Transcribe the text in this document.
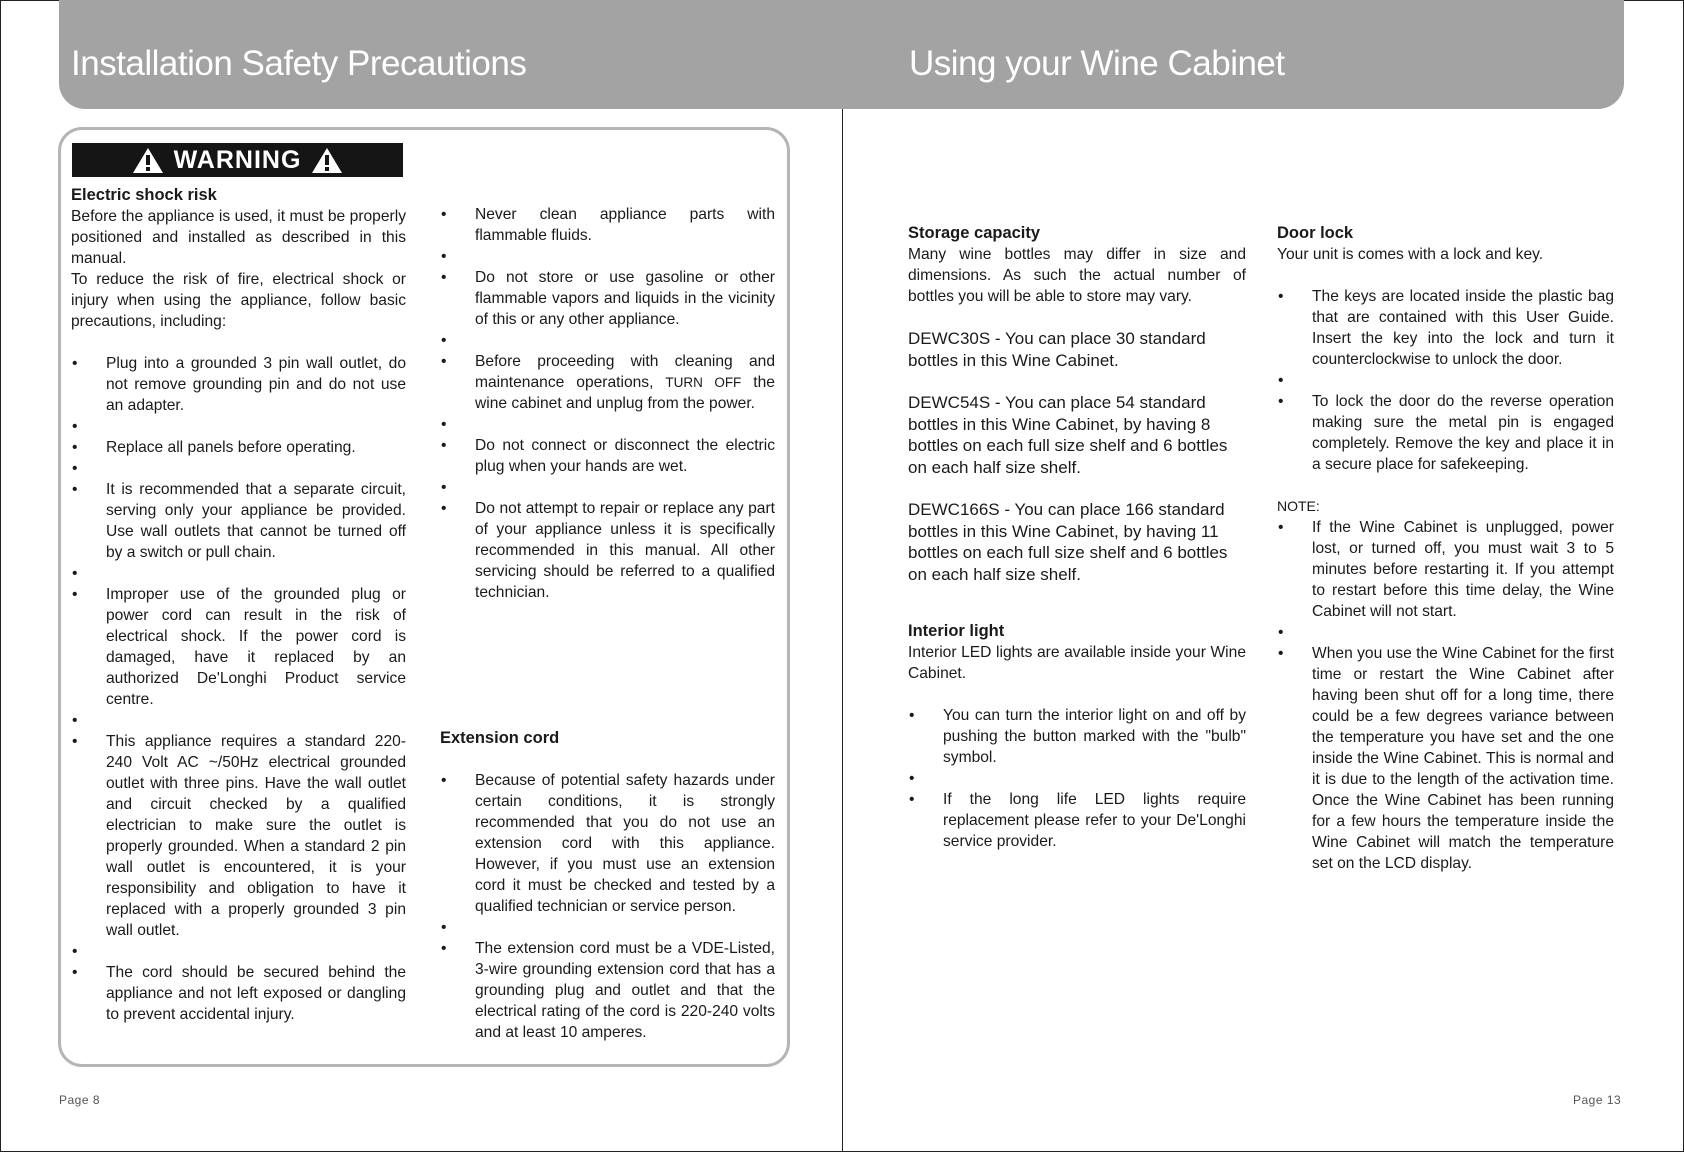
Installation Safety Precautions	Using your Wine Cabinet
WARNING
Electric shock risk

Before the appliance is used, it must be properly positioned and installed as described in this manual.

To reduce the risk of fire, electrical shock or injury when using the appliance, follow basic precautions, including:

• Plug into a grounded 3 pin wall outlet, do not remove grounding pin and do not use an adapter.
•
• Replace all panels before operating.
•
• It is recommended that a separate circuit, serving only your appliance be provided. Use wall outlets that cannot be turned off by a switch or pull chain.
•
• Improper use of the grounded plug or power cord can result in the risk of electrical shock. If the power cord is damaged, have it replaced by an authorized De'Longhi Product service centre.
•
• This appliance requires a standard 220-240 Volt AC ~/50Hz electrical grounded outlet with three pins. Have the wall outlet and circuit checked by a qualified electrician to make sure the outlet is properly grounded. When a standard 2 pin wall outlet is encountered, it is your responsibility and obligation to have it replaced with a properly grounded 3 pin wall outlet.
•
• The cord should be secured behind the appliance and not left exposed or dangling to prevent accidental injury.
• Never clean appliance parts with flammable fluids.
•
• Do not store or use gasoline or other flammable vapors and liquids in the vicinity of this or any other appliance.
•
• Before proceeding with cleaning and maintenance operations, TURN OFF the wine cabinet and unplug from the power.
•
• Do not connect or disconnect the electric plug when your hands are wet.
•
• Do not attempt to repair or replace any part of your appliance unless it is specifically recommended in this manual. All other servicing should be referred to a qualified technician.
Extension cord
• Because of potential safety hazards under certain conditions, it is strongly recommended that you do not use an extension cord with this appliance. However, if you must use an extension cord it must be checked and tested by a qualified technician or service person.
•
• The extension cord must be a VDE-Listed, 3-wire grounding extension cord that has a grounding plug and outlet and that the electrical rating of the cord is 220-240 volts and at least 10 amperes.
Page 8
Storage capacity

Many wine bottles may differ in size and dimensions. As such the actual number of bottles you will be able to store may vary.

DEWC30S - You can place 30 standard bottles in this Wine Cabinet.

DEWC54S - You can place 54 standard bottles in this Wine Cabinet, by having 8 bottles on each full size shelf and 6 bottles on each half size shelf.

DEWC166S - You can place 166 standard bottles in this Wine Cabinet, by having 11 bottles on each full size shelf and 6 bottles on each half size shelf.

Interior light

Interior LED lights are available inside your Wine Cabinet.

• You can turn the interior light on and off by pushing the button marked with the "bulb" symbol.
•
• If the long life LED lights require replacement please refer to your De'Longhi service provider.
Door lock

Your unit is comes with a lock and key.

• The keys are located inside the plastic bag that are contained with this User Guide. Insert the key into the lock and turn it counterclockwise to unlock the door.
•
• To lock the door do the reverse operation making sure the metal pin is engaged completely. Remove the key and place it in a secure place for safekeeping.

NOTE:

• If the Wine Cabinet is unplugged, power lost, or turned off, you must wait 3 to 5 minutes before restarting it. If you attempt to restart before this time delay, the Wine Cabinet will not start.
•
• When you use the Wine Cabinet for the first time or restart the Wine Cabinet after having been shut off for a long time, there could be a few degrees variance between the temperature you have set and the one inside the Wine Cabinet. This is normal and it is due to the length of the activation time. Once the Wine Cabinet has been running for a few hours the temperature inside the Wine Cabinet will match the temperature set on the LCD display.
Page 13
